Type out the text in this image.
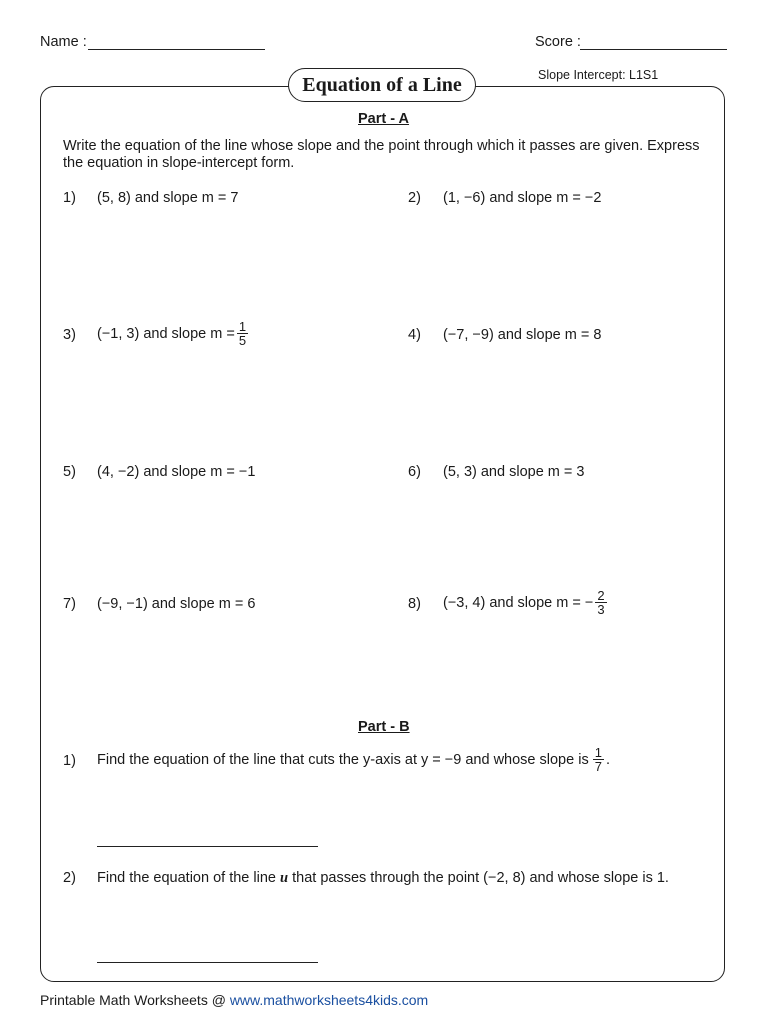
Name :	Score :
Equation of a Line	Slope Intercept: L1S1
Part - A
Write the equation of the line whose slope and the point through which it passes are given. Express
the equation in slope-intercept form.
1) (5, 8) and slope m = 7	2) (1, −6) and slope m = −2
3) (−1, 3) and slope $m = \frac{1}{5}$	4) (−7, −9) and slope m = 8
5) (4, −2) and slope m = −1	6) (5, 3) and slope m = 3
7) (−9, −1) and slope m = 6	8) (−3, 4) and slope m = − $\frac{2}{3}$
Part - B
1) Find the equation of the line that cuts the y-axis at y = −9 and whose slope is $\frac{1}{7}$ .
2) Find the equation of the line u that passes through the point (−2, 8) and whose slope is 1.
Printable Math Worksheets @ www.mathworksheets4kids.com
